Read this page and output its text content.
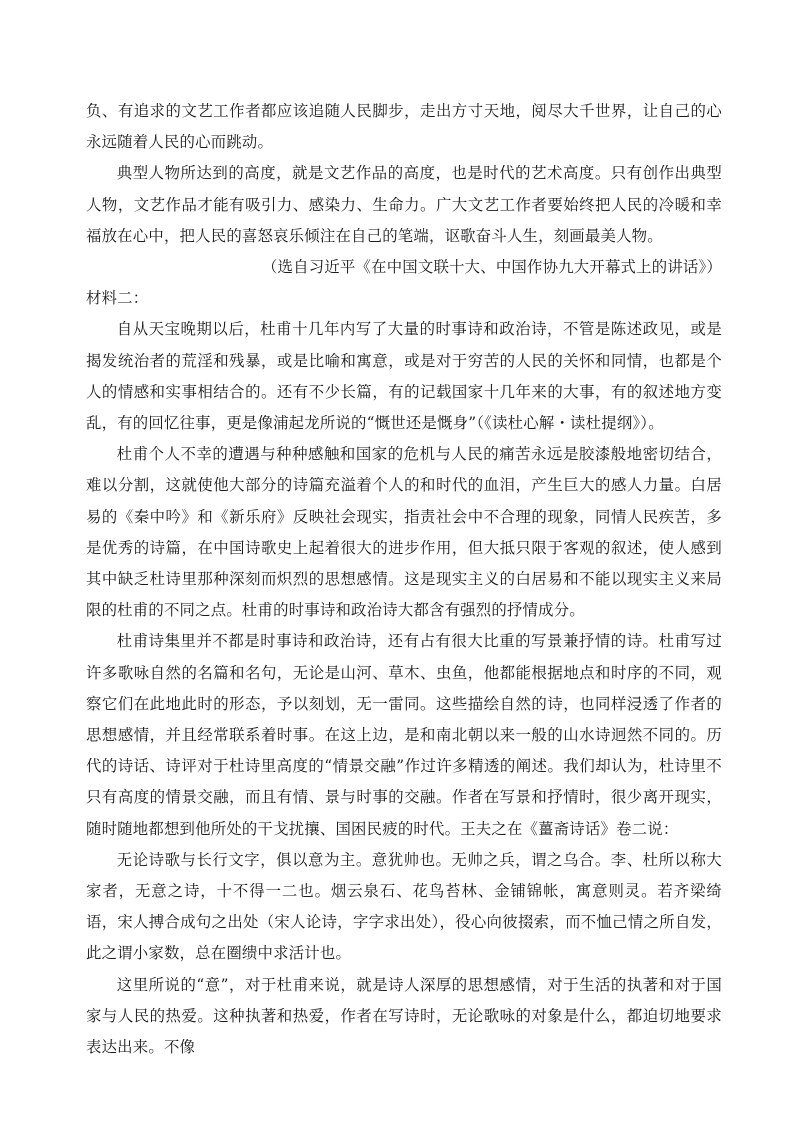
负、有追求的文艺工作者都应该追随人民脚步，走出方寸天地，阅尽大千世界，让自己的心永远随着人民的心而跳动。

典型人物所达到的高度，就是文艺作品的高度，也是时代的艺术高度。只有创作出典型人物，文艺作品才能有吸引力、感染力、生命力。广大文艺工作者要始终把人民的冷暖和幸福放在心中，把人民的喜怒哀乐倾注在自己的笔端，讴歌奋斗人生，刻画最美人物。

（选自习近平《在中国文联十大、中国作协九大开幕式上的讲话》）

材料二：

自从天宝晚期以后，杜甫十几年内写了大量的时事诗和政治诗，不管是陈述政见，或是揭发统治者的荒淫和残暴，或是比喻和寓意，或是对于穷苦的人民的关怀和同情，也都是个人的情感和实事相结合的。还有不少长篇，有的记载国家十几年来的大事，有的叙述地方变乱，有的回忆往事，更是像浦起龙所说的“慨世还是慨身”（《读杜心解・读杜提纲》）。

杜甫个人不幸的遭遇与种种感触和国家的危机与人民的痛苦永远是胶漆般地密切结合，难以分割，这就使他大部分的诗篇充溢着个人的和时代的血泪，产生巨大的感人力量。白居易的《秦中吟》和《新乐府》反映社会现实，指责社会中不合理的现象，同情人民疾苦，多是优秀的诗篇，在中国诗歌史上起着很大的进步作用，但大抵只限于客观的叙述，使人感到其中缺乏杜诗里那种深刻而炽烈的思想感情。这是现实主义的白居易和不能以现实主义来局限的杜甫的不同之点。杜甫的时事诗和政治诗大都含有强烈的抒情成分。

杜甫诗集里并不都是时事诗和政治诗，还有占有很大比重的写景兼抒情的诗。杜甫写过许多歌咏自然的名篇和名句，无论是山河、草木、虫鱼，他都能根据地点和时序的不同，观察它们在此地此时的形态，予以刻划，无一雷同。这些描绘自然的诗，也同样浸透了作者的思想感情，并且经常联系着时事。在这上边，是和南北朝以来一般的山水诗迥然不同的。历代的诗话、诗评对于杜诗里高度的“情景交融”作过许多精透的阐述。我们却认为，杜诗里不只有高度的情景交融，而且有情、景与时事的交融。作者在写景和抒情时，很少离开现实，随时随地都想到他所处的干戈扰攘、国困民疲的时代。王夫之在《薑斋诗话》卷二说：

无论诗歌与长行文字，俱以意为主。意犹帅也。无帅之兵，谓之乌合。李、杜所以称大家者，无意之诗，十不得一二也。烟云泉石、花鸟苔林、金铺锦帐，寓意则灵。若齐梁绮语，宋人搏合成句之出处（宋人论诗，字字求出处），役心向彼掇索，而不恤己情之所自发，此之谓小家数，总在圈缋中求活计也。

这里所说的“意”，对于杜甫来说，就是诗人深厚的思想感情，对于生活的执著和对于国家与人民的热爱。这种执著和热爱，作者在写诗时，无论歌咏的对象是什么，都迫切地要求表达出来。不像
